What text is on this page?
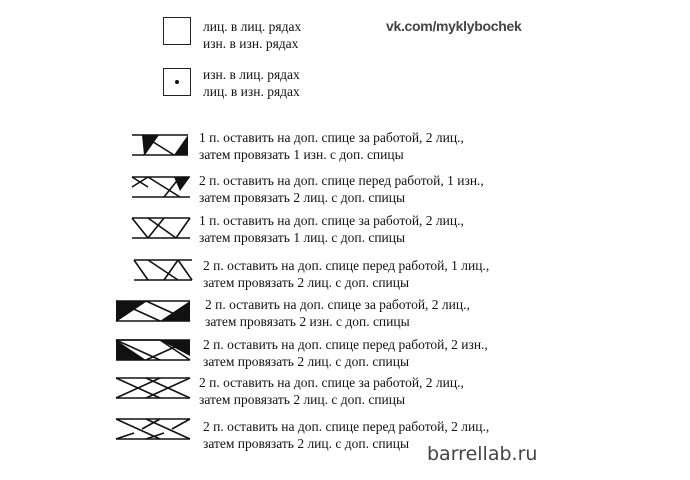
лиц. в лиц. рядах
изн. в изн. рядах
изн. в лиц. рядах
лиц. в изн. рядах
vk.com/myklybochek
1 п. оставить на доп. спице за работой, 2 лиц.,
затем провязать 1 изн. с доп. спицы
2 п. оставить на доп. спице перед работой, 1 изн.,
затем провязать 2 лиц. с доп. спицы
1 п. оставить на доп. спице за работой, 2 лиц.,
затем провязать 1 лиц. с доп. спицы
2 п. оставить на доп. спице перед работой, 1 лиц.,
затем провязать 2 лиц. с доп. спицы
2 п. оставить на доп. спице за работой, 2 лиц.,
затем провязать 2 изн. с доп. спицы
2 п. оставить на доп. спице перед работой, 2 изн.,
затем провязать 2 лиц. с доп. спицы
2 п. оставить на доп. спице за работой, 2 лиц.,
затем провязать 2 лиц. с доп. спицы
2 п. оставить на доп. спице перед работой, 2 лиц.,
затем провязать 2 лиц. с доп. спицы barrellab.ru
